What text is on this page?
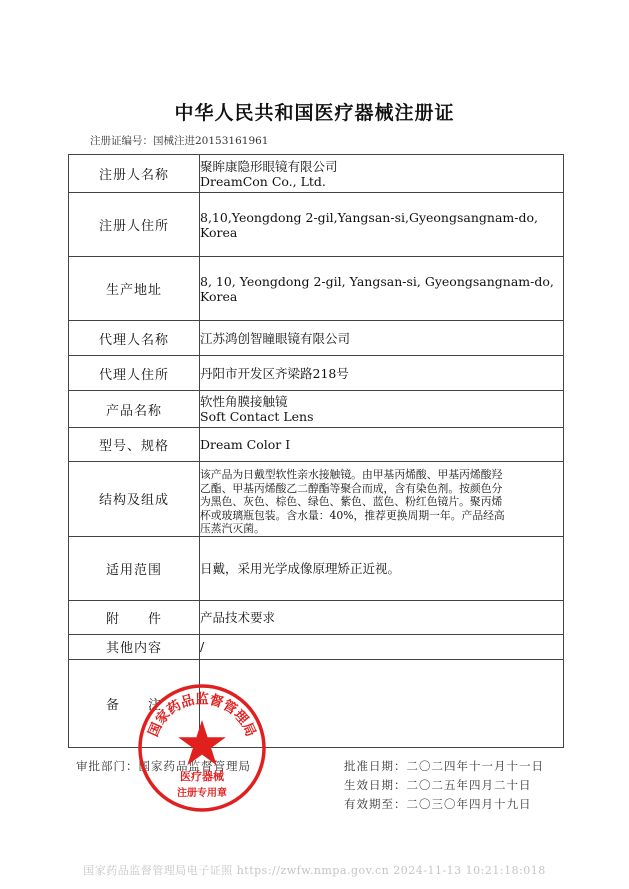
中华人民共和国医疗器械注册证
注册证编号：国械注进20153161961
注册人名称	聚眸康隐形眼镜有限公司
DreamCon Co., Ltd.

注册人住所	8,10,Yeongdong 2-gil,Yangsan-si,Gyeongsangnam-do,
Korea

生产地址	8, 10, Yeongdong 2-gil, Yangsan-si, Gyeongsangnam-do,
Korea

代理人名称	江苏鸿创智瞳眼镜有限公司

代理人住所	丹阳市开发区齐梁路218号

产品名称	软性角膜接触镜
Soft Contact Lens

型号、规格	Dream Color I

结构及组成	该产品为日戴型软性亲水接触镜。由甲基丙烯酸、甲基丙烯酸羟
乙酯、甲基丙烯酸乙二醇酯等聚合而成，含有染色剂。按颜色分
为黑色、灰色、棕色、绿色、紫色、蓝色、粉红色镜片。聚丙烯
杯或玻璃瓶包装。含水量：40%，推荐更换周期一年。产品经高
压蒸汽灭菌。

适用范围	日戴，采用光学成像原理矫正近视。

附　　件	产品技术要求

其他内容	/

备　　注	
审批部门：国家药品监督管理局	批准日期：二〇二四年十一月十一日
生效日期：二〇二五年四月二十日
有效期至：二〇三〇年四月十九日
国家药品监督管理局
医疗器械
注册专用章
国家药品监督管理局电子证照 https://zwfw.nmpa.gov.cn 2024-11-13 10:21:18:018
